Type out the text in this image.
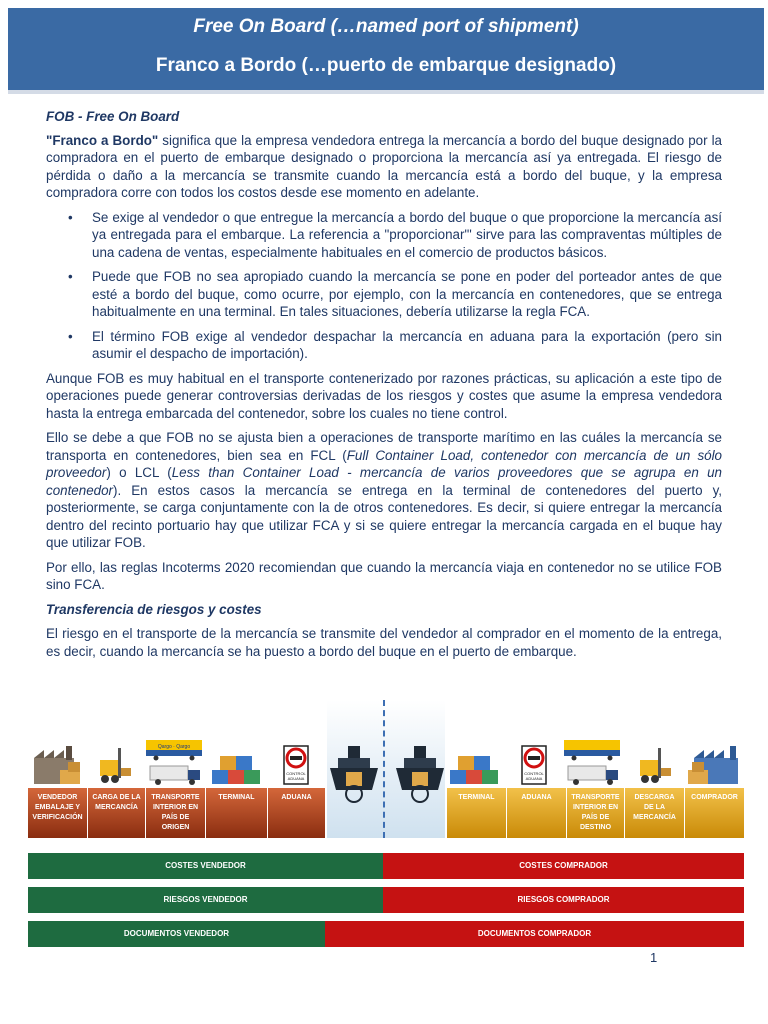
Free On Board (…named port of shipment)
Franco a Bordo (…puerto de embarque designado)

FOB - Free On Board

"Franco a Bordo" significa que la empresa vendedora entrega la mercancía a bordo del buque designado por la compradora en el puerto de embarque designado o proporciona la mercancía así ya entregada. El riesgo de pérdida o daño a la mercancía se transmite cuando la mercancía está a bordo del buque, y la empresa compradora corre con todos los costos desde ese momento en adelante.

• Se exige al vendedor o que entregue la mercancía a bordo del buque o que proporcione la mercancía así ya entregada para el embarque. La referencia a "proporcionar"' sirve para las compraventas múltiples de una cadena de ventas, especialmente habituales en el comercio de productos básicos.
• Puede que FOB no sea apropiado cuando la mercancía se pone en poder del porteador antes de que esté a bordo del buque, como ocurre, por ejemplo, con la mercancía en contenedores, que se entrega habitualmente en una terminal. En tales situaciones, debería utilizarse la regla FCA.
• El término FOB exige al vendedor despachar la mercancía en aduana para la exportación (pero sin asumir el despacho de importación).

Aunque FOB es muy habitual en el transporte contenerizado por razones prácticas, su aplicación a este tipo de operaciones puede generar controversias derivadas de los riesgos y costes que asume la empresa vendedora hasta la entrega embarcada del contenedor, sobre los cuales no tiene control.

Ello se debe a que FOB no se ajusta bien a operaciones de transporte marítimo en las cuáles la mercancía se transporta en contenedores, bien sea en FCL (Full Container Load, contenedor con mercancía de un sólo proveedor) o LCL (Less than Container Load - mercancía de varios proveedores que se agrupa en un contenedor). En estos casos la mercancía se entrega en la terminal de contenedores del puerto y, posteriormente, se carga conjuntamente con la de otros contenedores. Es decir, si quiere entregar la mercancía dentro del recinto portuario hay que utilizar FCA y si se quiere entregar la mercancía cargada en el buque hay que utilizar FOB.

Por ello, las reglas Incoterms 2020 recomiendan que cuando la mercancía viaja en contenedor no se utilice FOB sino FCA.

Transferencia de riesgos y costes

El riesgo en el transporte de la mercancía se transmite del vendedor al comprador en el momento de la entrega, es decir, cuando la mercancía se ha puesto a bordo del buque en el puerto de embarque.

Qargo · Qargo
CONTROL
ADUANA
CONTROL
ADUANA
VENDEDOR
EMBALAJE Y
VERIFICACIÓN
CARGA DE LA
MERCANCÍA
TRANSPORTE
INTERIOR EN
PAÍS DE
ORIGEN
TERMINAL	ADUANA	TERMINAL	ADUANA	TRANSPORTE
INTERIOR EN
PAÍS DE
DESTINO
DESCARGA
DE LA
MERCANCÍA
COMPRADOR
COSTES VENDEDOR	COSTES COMPRADOR
RIESGOS VENDEDOR	RIESGOS COMPRADOR
DOCUMENTOS VENDEDOR	DOCUMENTOS COMPRADOR
1
